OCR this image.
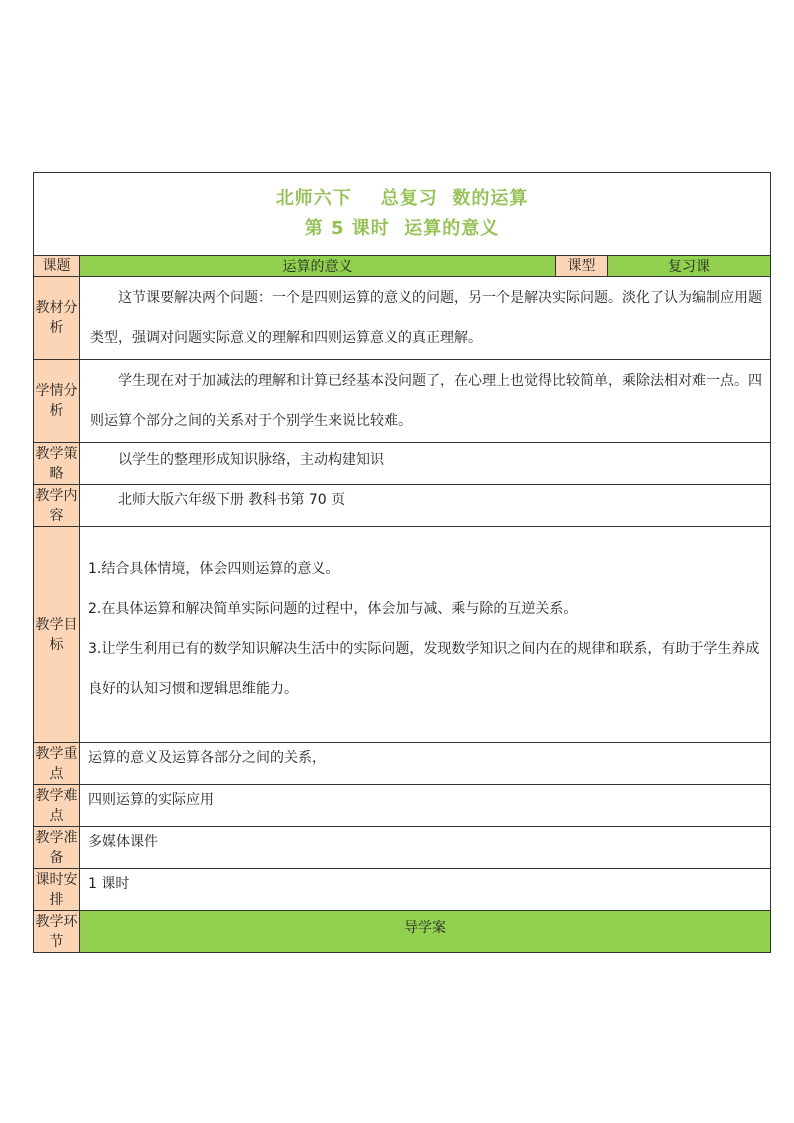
北师六下    总复习  数的运算
第 5 课时  运算的意义			

课题	运算的意义	课型	复习课
教材分析	这节课要解决两个问题：一个是四则运算的意义的问题，另一个是解决实际问题。淡化了认为编制应用题类型，强调对问题实际意义的理解和四则运算意义的真正理解。		
学情分析	学生现在对于加减法的理解和计算已经基本没问题了，在心理上也觉得比较简单，乘除法相对难一点。四则运算个部分之间的关系对于个别学生来说比较难。		
教学策略	以学生的整理形成知识脉络，主动构建知识		
教学内容	北师大版六年级下册 教科书第 70 页		
教学目标	1.结合具体情境，体会四则运算的意义。
2.在具体运算和解决简单实际问题的过程中，体会加与减、乘与除的互逆关系。
3.让学生利用已有的数学知识解决生活中的实际问题，发现数学知识之间内在的规律和联系，有助于学生养成良好的认知习惯和逻辑思维能力。		

教学重点	运算的意义及运算各部分之间的关系，		
教学难点	四则运算的实际应用		
教学准备	多媒体课件		
课时安排	1 课时		
教学环节	导学案		
